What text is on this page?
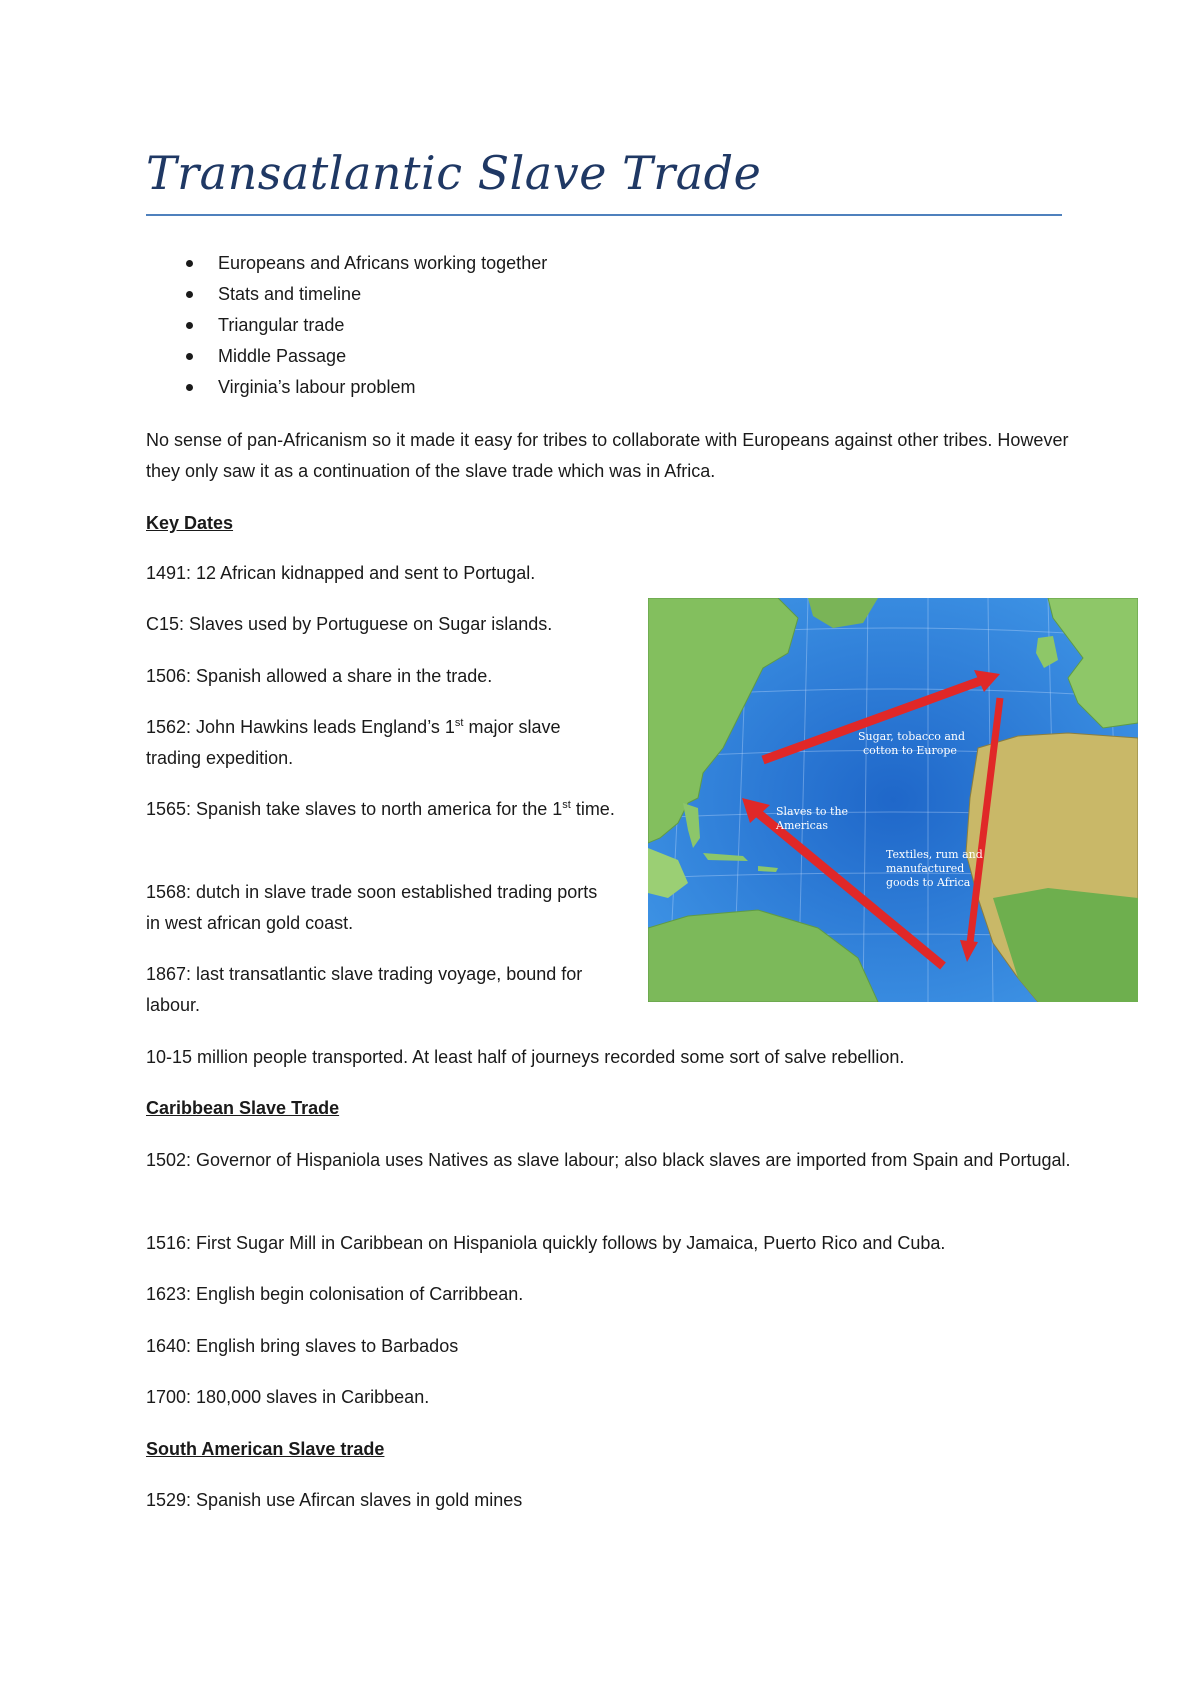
Transatlantic Slave Trade
Europeans and Africans working together
Stats and timeline
Triangular trade
Middle Passage
Virginia’s labour problem

No sense of pan-Africanism so it made it easy for tribes to collaborate with Europeans against other tribes. However they only saw it as a continuation of the slave trade which was in Africa.

Key Dates

1491: 12 African kidnapped and sent to Portugal.

C15: Slaves used by Portuguese on Sugar islands.

1506: Spanish allowed a share in the trade.

1562: John Hawkins leads England’s 1st major slave trading expedition.

1565: Spanish take slaves to north america for the 1st time.

1568: dutch in slave trade soon established trading ports in west african gold coast.

1867: last transatlantic slave trading voyage, bound for labour.

10-15 million people transported. At least half of journeys recorded some sort of salve rebellion.

Caribbean Slave Trade

1502: Governor of Hispaniola uses Natives as slave labour; also black slaves are imported from Spain and Portugal.

1516: First Sugar Mill in Caribbean on Hispaniola quickly follows by Jamaica, Puerto Rico and Cuba.

1623: English begin colonisation of Carribbean.

1640: English bring slaves to Barbados

1700: 180,000 slaves in Caribbean.

South American Slave trade

1529: Spanish use Afircan slaves in gold mines

Sugar, tobacco and
cotton to Europe
Slaves to the
Americas
Textiles, rum and
manufactured
goods to Africa
